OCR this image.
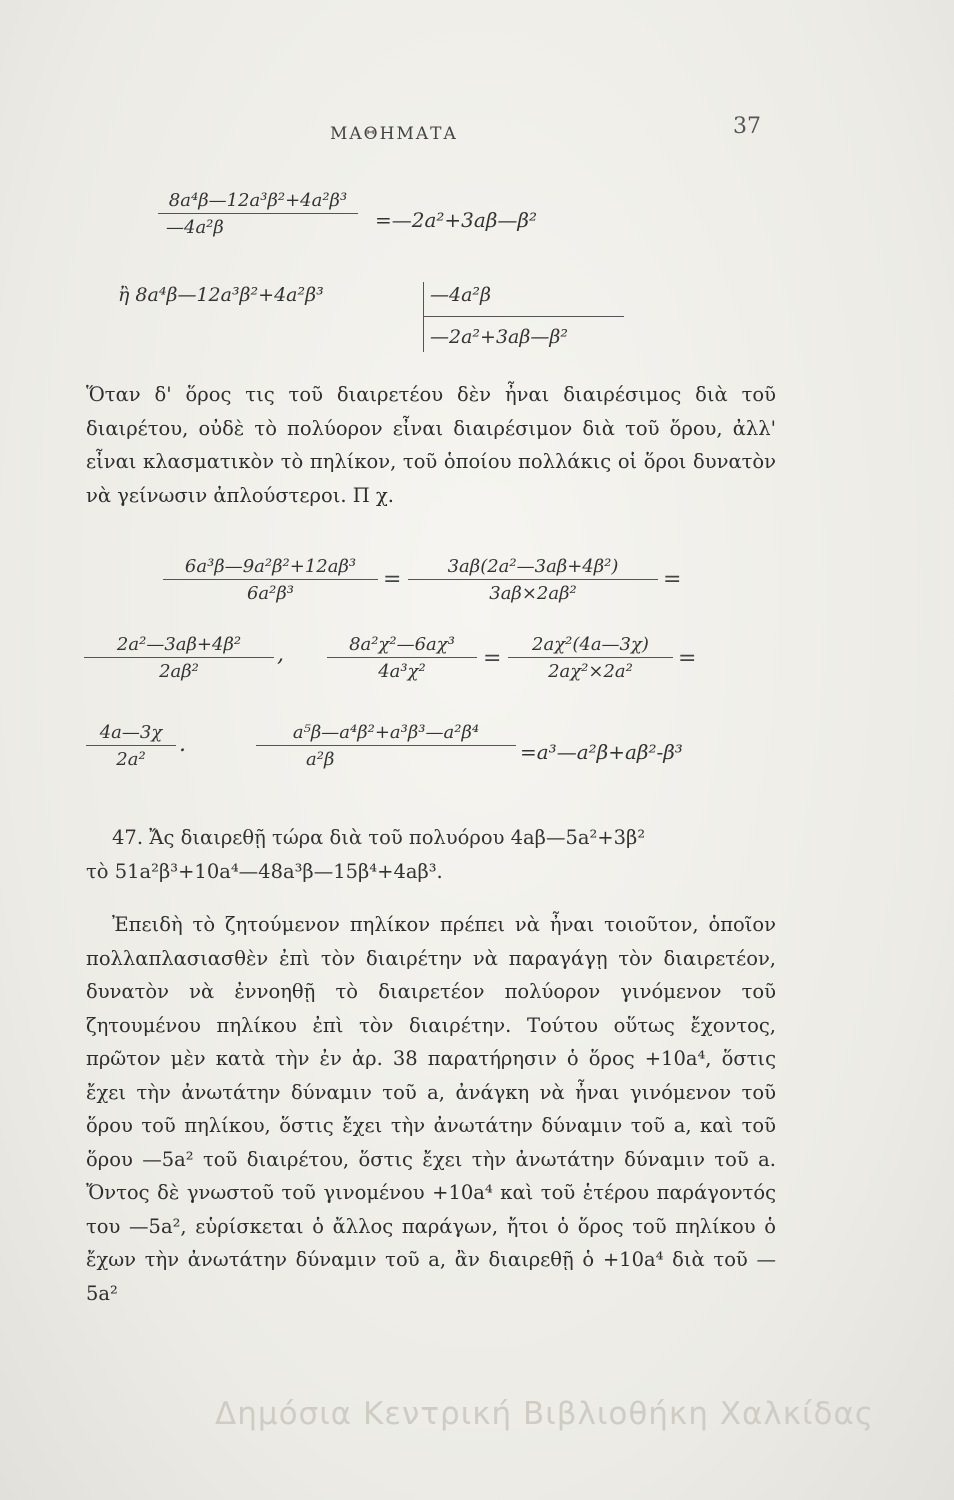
ΜΑΘΗΜΑΤΑ	37
$\frac{\text{8a⁴β—12a³β²+4a²β³}}{\text{—4a²β}}$ =—2a²+3aβ—β²
ἢ 8a⁴β—12a³β²+4a²β³	—4a²β
—2a²+3aβ—β²

Ὅταν δ' ὅρος τις τοῦ διαιρετέου δὲν ἦναι διαιρέσιμος διὰ τοῦ διαιρέτου, οὐδὲ τὸ πολύορον εἶναι διαιρέσιμον διὰ τοῦ ὅρου, ἀλλ' εἶναι κλασματικὸν τὸ πηλίκον, τοῦ ὁποίου πολλάκις οἱ ὅροι δυνατὸν νὰ γείνωσιν ἀπλούστεροι. Π χ.

$\frac{\text{6a³β—9a²β²+12aβ³}}{\text{6a²β³}} = \frac{\text{3aβ(2a²—3aβ+4β²)}}{\text{3aβ×2aβ²}}$ =
$\frac{\text{2a²—3aβ+4β²}}{\text{2aβ²}}$ , $\frac{\text{8a²χ²—6aχ³}}{\text{4a³χ²}} = \frac{\text{2aχ²(4a—3χ)}}{\text{2aχ²×2a²}}$ =
$\frac{4a—3\chi}{\text{2a²}}$ .	$\frac{\text{a⁵β—a⁴β²+a³β³—a²β⁴}}{\text{a²β}}$ =a³—a²β+aβ²-β³
47. Ἄς διαιρεθῇ τώρα διὰ τοῦ πολυόρου 4aβ—5a²+3β²
τὸ 51a²β³+10a⁴—48a³β—15β⁴+4aβ³.

Ἐπειδὴ τὸ ζητούμενον πηλίκον πρέπει νὰ ἦναι τοιοῦτον, ὁποῖον πολλαπλασιασθὲν ἐπὶ τὸν διαιρέτην νὰ παραγάγῃ τὸν διαιρετέον, δυνατὸν νὰ ἐννοηθῇ τὸ διαιρετέον πολύορον γινόμενον τοῦ ζητουμένου πηλίκου ἐπὶ τὸν διαιρέτην. Τούτου οὕτως ἔχοντος, πρῶτον μὲν κατὰ τὴν ἐν ἀρ. 38 παρατήρησιν ὁ ὅρος +10a⁴, ὅστις ἔχει τὴν ἀνωτάτην δύναμιν τοῦ a, ἀνάγκη νὰ ἦναι γινόμενον τοῦ ὅρου τοῦ πηλίκου, ὅστις ἔχει τὴν ἀνωτάτην δύναμιν τοῦ a, καὶ τοῦ ὅρου —5a² τοῦ διαιρέτου, ὅστις ἔχει τὴν ἀνωτάτην δύναμιν τοῦ a. Ὄντος δὲ γνωστοῦ τοῦ γινομένου +10a⁴ καὶ τοῦ ἑτέρου παράγοντός του —5a², εὑρίσκεται ὁ ἄλλος παράγων, ἤτοι ὁ ὅρος τοῦ πηλίκου ὁ ἔχων τὴν ἀνωτάτην δύναμιν τοῦ a, ἂν διαιρεθῇ ὁ +10a⁴ διὰ τοῦ —5a²

Δημόσια Κεντρική Βιβλιοθήκη Χαλκίδας
